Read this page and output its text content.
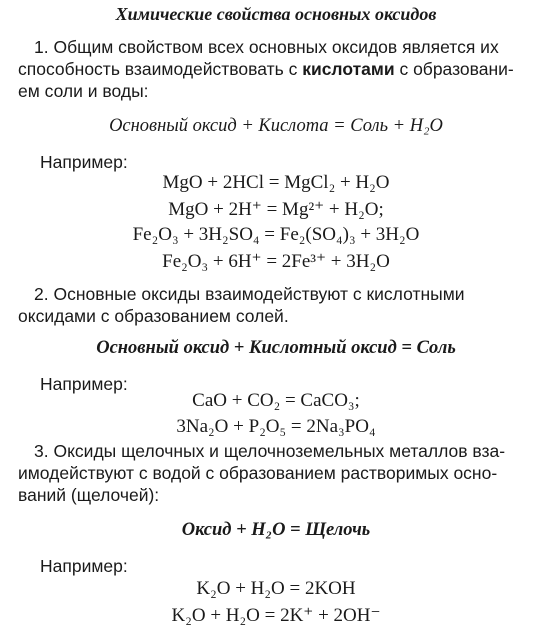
Химические свойства основных оксидов
1. Общим свойством всех основных оксидов является их
способность взаимодействовать с кислотами с образовани-
ем соли и воды:
Основный оксид + Кислота = Соль + H₂O
Например:
MgO + 2HCl = MgCl₂ + H₂O
MgO + 2H⁺ = Mg²⁺ + H₂O;
Fe₂O₃ + 3H₂SO₄ = Fe₂(SO₄)₃ + 3H₂O
Fe₂O₃ + 6H⁺ = 2Fe³⁺ + 3H₂O
2. Основные оксиды взаимодействуют с кислотными
оксидами с образованием солей.
Основный оксид + Кислотный оксид = Соль
Например:
CaO + CO₂ = CaCO₃;
3Na₂O + P₂O₅ = 2Na₃PO₄
3. Оксиды щелочных и щелочноземельных металлов вза-
имодействуют с водой с образованием растворимых осно-
ваний (щелочей):
Оксид + H₂O = Щелочь
Например:
K₂O + H₂O = 2KOH
K₂O + H₂O = 2K⁺ + 2OH⁻
